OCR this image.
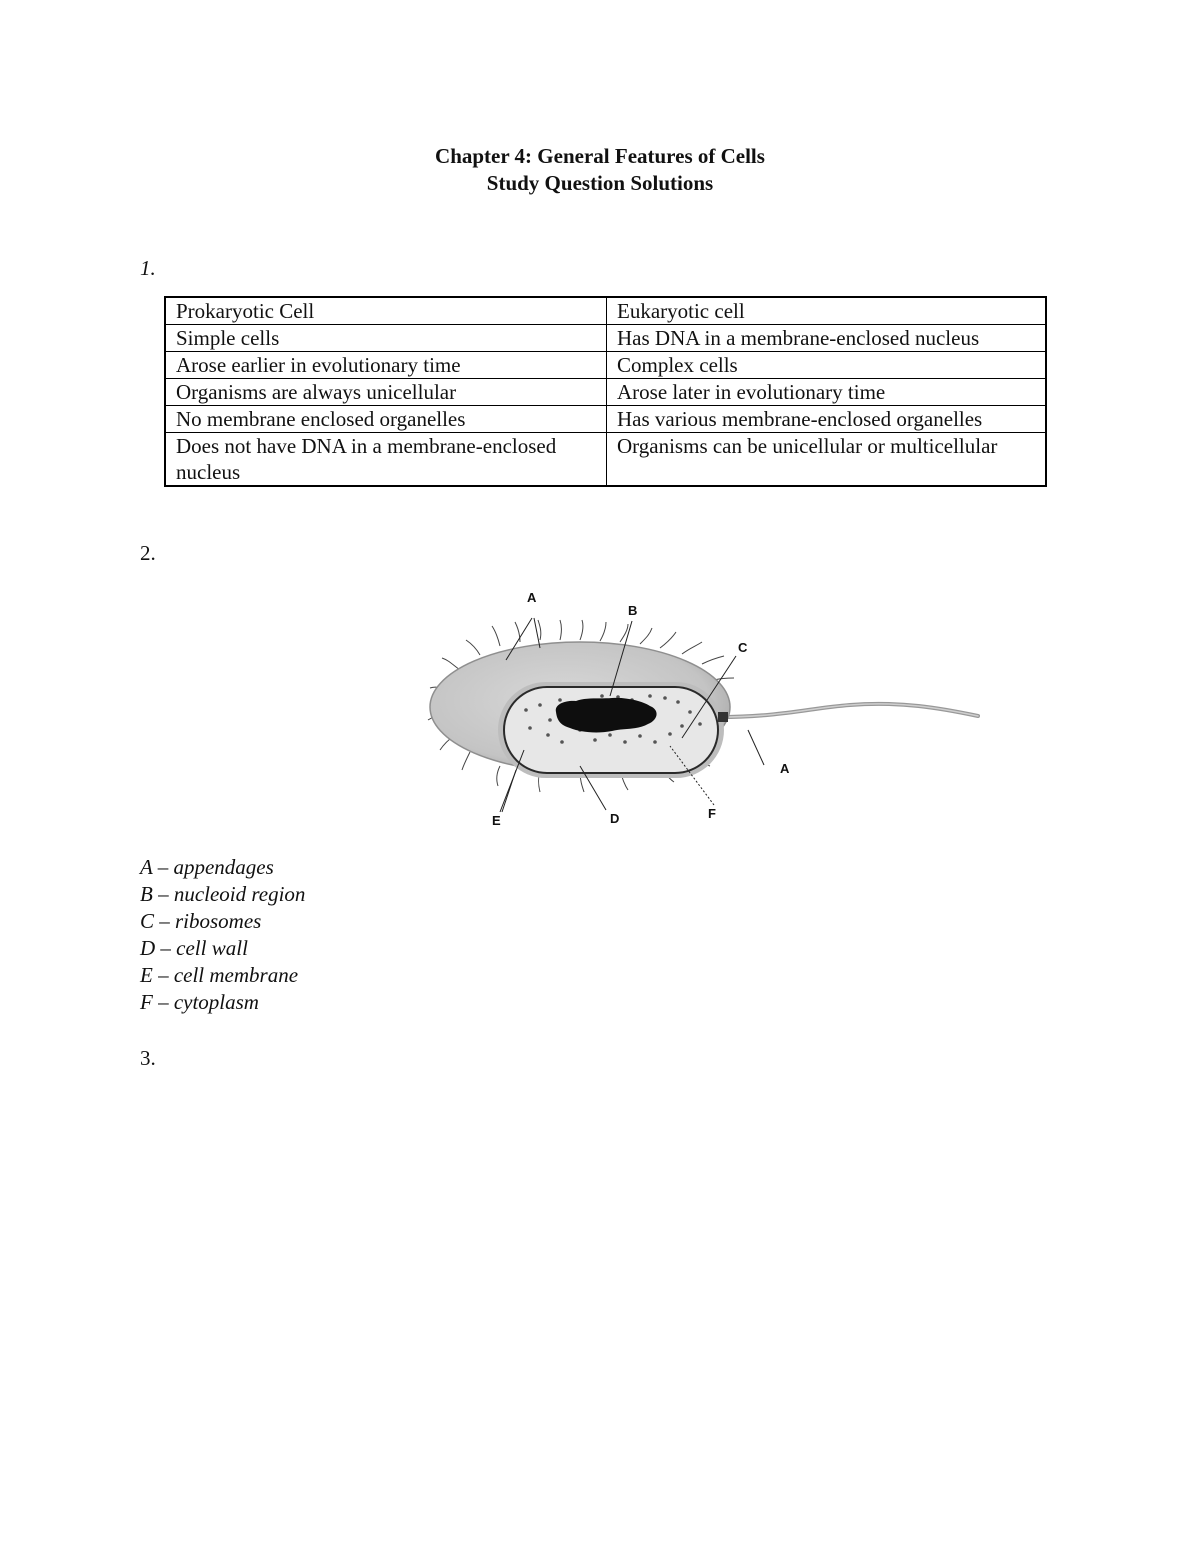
Chapter 4: General Features of Cells
Study Question Solutions
1.
Prokaryotic Cell	Eukaryotic cell
Simple cells	Has DNA in a membrane-enclosed nucleus
Arose earlier in evolutionary time	Complex cells
Organisms are always unicellular	Arose later in evolutionary time
No membrane enclosed organelles	Has various membrane-enclosed organelles
Does not have DNA in a membrane-enclosed nucleus	Organisms can be unicellular or multicellular
2.
A
B
C
A
D
E	F
A – appendages
B – nucleoid region
C – ribosomes
D – cell wall
E – cell membrane
F – cytoplasm
3.
